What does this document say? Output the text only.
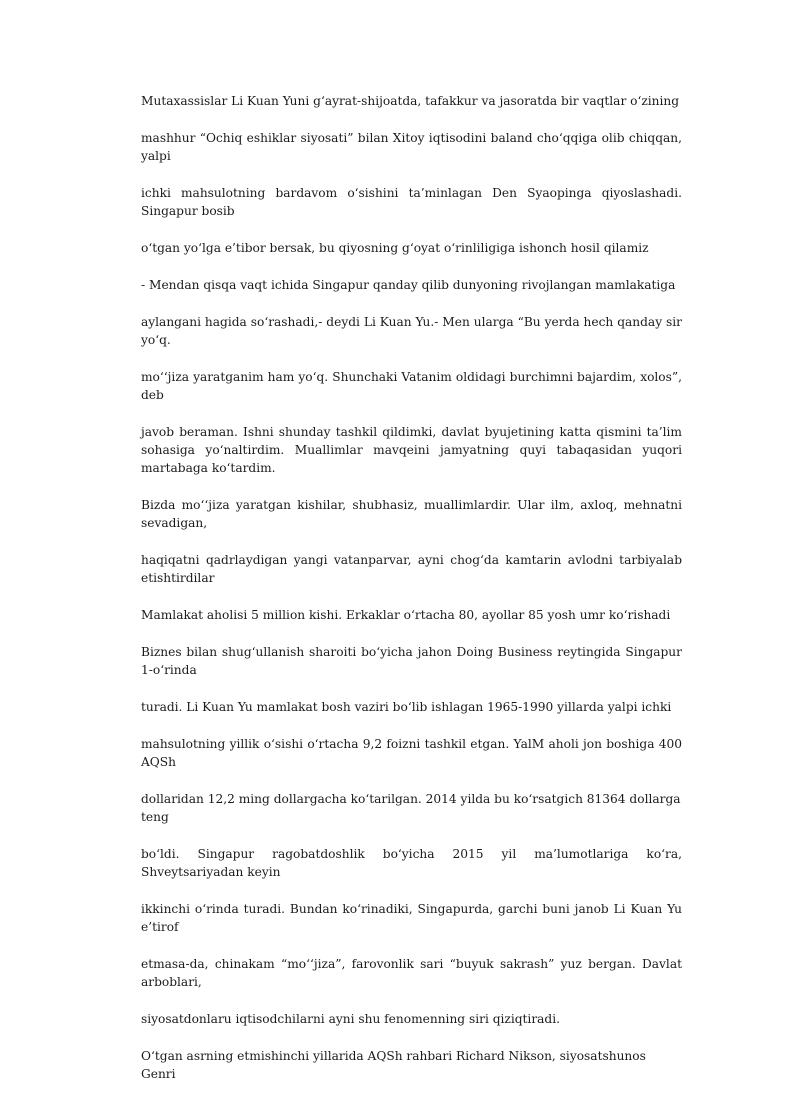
Mutaxassislar Li Kuan Yuni g‘ayrat-shijoatda, tafakkur va jasoratda bir vaqtlar o‘zining

mashhur “Ochiq eshiklar siyosati” bilan Xitoy iqtisodini baland cho‘qqiga olib chiqqan, yalpi

ichki mahsulotning bardavom o‘sishini ta’minlagan Den Syaopinga qiyoslashadi. Singapur bosib

o‘tgan yo‘lga e’tibor bersak, bu qiyosning g‘oyat o‘rinliligiga ishonch hosil qilamiz

- Mendan qisqa vaqt ichida Singapur qanday qilib dunyoning rivojlangan mamlakatiga

aylangani hagida so‘rashadi,- deydi Li Kuan Yu.- Men ularga “Bu yerda hech qanday sir yo‘q.

mo‘‘jiza yaratganim ham yo‘q. Shunchaki Vatanim oldidagi burchimni bajardim, xolos”, deb

javob beraman. Ishni shunday tashkil qildimki, davlat byujetining katta qismini ta’lim sohasiga yo‘naltirdim. Muallimlar mavqeini jamyatning quyi tabaqasidan yuqori martabaga ko‘tardim.

Bizda mo‘‘jiza yaratgan kishilar, shubhasiz, muallimlardir. Ular ilm, axloq, mehnatni sevadigan,

haqiqatni qadrlaydigan yangi vatanparvar, ayni chog‘da kamtarin avlodni tarbiyalab etishtirdilar

Mamlakat aholisi 5 million kishi. Erkaklar o‘rtacha 80, ayollar 85 yosh umr ko‘rishadi

Biznes bilan shug‘ullanish sharoiti bo‘yicha jahon Doing Business reytingida Singapur 1-o‘rinda

turadi. Li Kuan Yu mamlakat bosh vaziri bo‘lib ishlagan 1965-1990 yillarda yalpi ichki

mahsulotning yillik o‘sishi o‘rtacha 9,2 foizni tashkil etgan. YalM aholi jon boshiga 400 AQSh

dollaridan 12,2 ming dollargacha ko‘tarilgan. 2014 yilda bu ko‘rsatgich 81364 dollarga teng

bo‘ldi. Singapur ragobatdoshlik bo‘yicha 2015 yil ma’lumotlariga ko‘ra, Shveytsariyadan keyin

ikkinchi o‘rinda turadi. Bundan ko‘rinadiki, Singapurda, garchi buni janob Li Kuan Yu e’tirof

etmasa-da, chinakam “mo‘‘jiza”, farovonlik sari “buyuk sakrash” yuz bergan. Davlat arboblari,

siyosatdonlaru iqtisodchilarni ayni shu fenomenning siri qiziqtiradi.

O‘tgan asrning etmishinchi yillarida AQSh rahbari Richard Nikson, siyosatshunos Genri
